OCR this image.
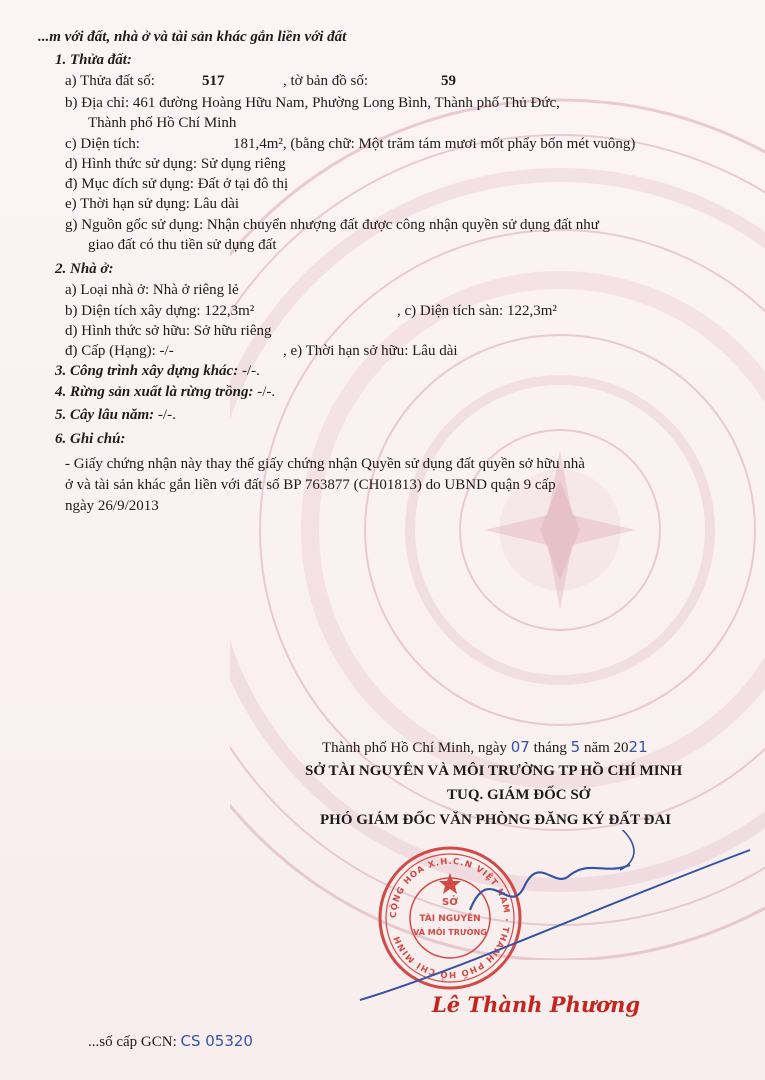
...m với đất, nhà ở và tài sản khác gắn liền với đất
1. Thửa đất:
a) Thửa đất số:	517	, tờ bản đồ số:	59
b) Địa chỉ: 461 đường Hoàng Hữu Nam, Phường Long Bình, Thành phố Thủ Đức,
Thành phố Hồ Chí Minh
c) Diện tích:	181,4m², (bằng chữ: Một trăm tám mươi mốt phẩy bốn mét vuông)
d) Hình thức sử dụng: Sử dụng riêng
đ) Mục đích sử dụng: Đất ở tại đô thị
e) Thời hạn sử dụng: Lâu dài
g) Nguồn gốc sử dụng: Nhận chuyển nhượng đất được công nhận quyền sử dụng đất như
giao đất có thu tiền sử dụng đất
2. Nhà ở:
a) Loại nhà ở: Nhà ở riêng lẻ
b) Diện tích xây dựng: 122,3m²	, c) Diện tích sàn: 122,3m²
d) Hình thức sở hữu: Sở hữu riêng
đ) Cấp (Hạng): -/-	, e) Thời hạn sở hữu: Lâu dài
3. Công trình xây dựng khác: -/-.
4. Rừng sản xuất là rừng trồng: -/-.
5. Cây lâu năm: -/-.
6. Ghi chú:
- Giấy chứng nhận này thay thế giấy chứng nhận Quyền sử dụng đất quyền sở hữu nhà
ở và tài sản khác gắn liền với đất số BP 763877 (CH01813) do UBND quận 9 cấp
ngày 26/9/2013
Thành phố Hồ Chí Minh, ngày 07 tháng 5 năm 2021
SỞ TÀI NGUYÊN VÀ MÔI TRƯỜNG TP HỒ CHÍ MINH
TUQ. GIÁM ĐỐC SỞ
PHÓ GIÁM ĐỐC VĂN PHÒNG ĐĂNG KÝ ĐẤT ĐAI
CỘNG HÒA X.H.C.N VIỆT NAM · THÀNH PHỐ HỒ CHÍ MINH
SỞ
TÀI NGUYÊN
VÀ MÔI TRƯỜNG
Lê Thành Phương
...số cấp GCN: CS 05320
